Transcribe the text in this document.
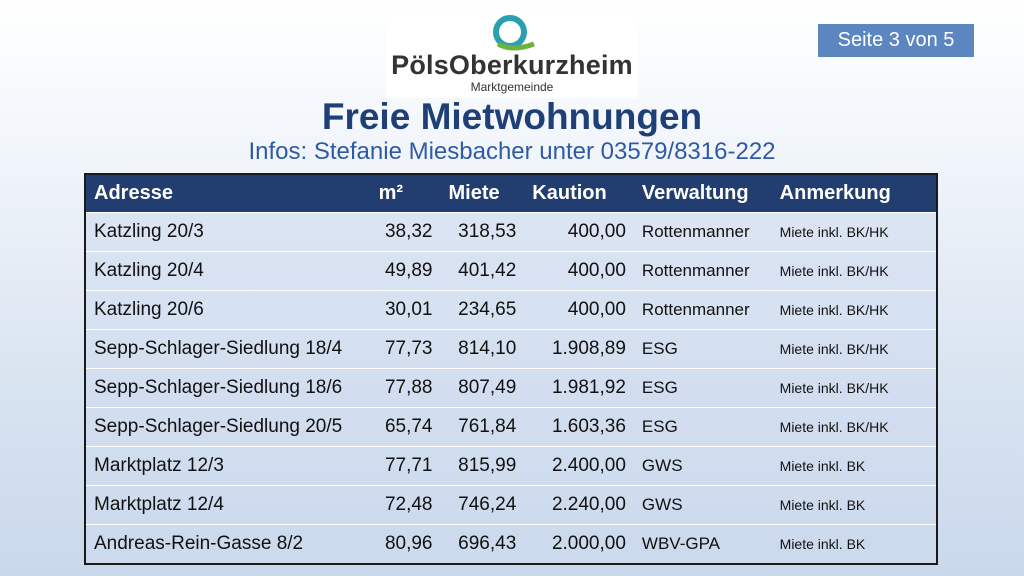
Seite 3 von 5
PölsOberkurzheim
Marktgemeinde
Freie Mietwohnungen
Infos: Stefanie Miesbacher unter 03579/8316-222
Adresse	m²	Miete	Kaution	Verwaltung	Anmerkung
Katzling 20/3	38,32	318,53	400,00	Rottenmanner	Miete inkl. BK/HK
Katzling 20/4	49,89	401,42	400,00	Rottenmanner	Miete inkl. BK/HK
Katzling 20/6	30,01	234,65	400,00	Rottenmanner	Miete inkl. BK/HK
Sepp-Schlager-Siedlung 18/4	77,73	814,10	1.908,89	ESG	Miete inkl. BK/HK
Sepp-Schlager-Siedlung 18/6	77,88	807,49	1.981,92	ESG	Miete inkl. BK/HK
Sepp-Schlager-Siedlung 20/5	65,74	761,84	1.603,36	ESG	Miete inkl. BK/HK
Marktplatz 12/3	77,71	815,99	2.400,00	GWS	Miete inkl. BK
Marktplatz 12/4	72,48	746,24	2.240,00	GWS	Miete inkl. BK
Andreas-Rein-Gasse 8/2	80,96	696,43	2.000,00	WBV-GPA	Miete inkl. BK
